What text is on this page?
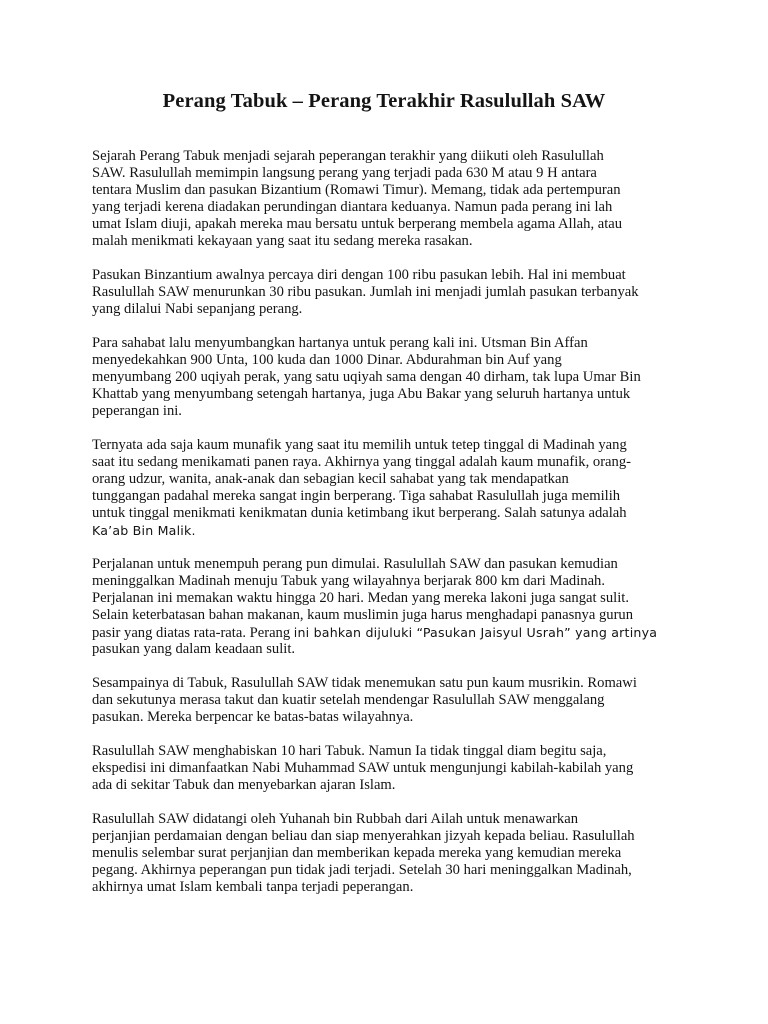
Perang Tabuk – Perang Terakhir Rasulullah SAW
Sejarah Perang Tabuk menjadi sejarah peperangan terakhir yang diikuti oleh Rasulullah
SAW. Rasulullah memimpin langsung perang yang terjadi pada 630 M atau 9 H antara
tentara Muslim dan pasukan Bizantium (Romawi Timur). Memang, tidak ada pertempuran
yang terjadi kerena diadakan perundingan diantara keduanya. Namun pada perang ini lah
umat Islam diuji, apakah mereka mau bersatu untuk berperang membela agama Allah, atau
malah menikmati kekayaan yang saat itu sedang mereka rasakan.
Pasukan Binzantium awalnya percaya diri dengan 100 ribu pasukan lebih. Hal ini membuat
Rasulullah SAW menurunkan 30 ribu pasukan. Jumlah ini menjadi jumlah pasukan terbanyak
yang dilalui Nabi sepanjang perang.
Para sahabat lalu menyumbangkan hartanya untuk perang kali ini. Utsman Bin Affan
menyedekahkan 900 Unta, 100 kuda dan 1000 Dinar. Abdurahman bin Auf yang
menyumbang 200 uqiyah perak, yang satu uqiyah sama dengan 40 dirham, tak lupa Umar Bin
Khattab yang menyumbang setengah hartanya, juga Abu Bakar yang seluruh hartanya untuk
peperangan ini.
Ternyata ada saja kaum munafik yang saat itu memilih untuk tetep tinggal di Madinah yang
saat itu sedang menikamati panen raya. Akhirnya yang tinggal adalah kaum munafik, orang-
orang udzur, wanita, anak-anak dan sebagian kecil sahabat yang tak mendapatkan
tunggangan padahal mereka sangat ingin berperang. Tiga sahabat Rasulullah juga memilih
untuk tinggal menikmati kenikmatan dunia ketimbang ikut berperang. Salah satunya adalah
Ka’ab Bin Malik.
Perjalanan untuk menempuh perang pun dimulai. Rasulullah SAW dan pasukan kemudian
meninggalkan Madinah menuju Tabuk yang wilayahnya berjarak 800 km dari Madinah.
Perjalanan ini memakan waktu hingga 20 hari. Medan yang mereka lakoni juga sangat sulit.
Selain keterbatasan bahan makanan, kaum muslimin juga harus menghadapi panasnya gurun
pasir yang diatas rata-rata. Perang ini bahkan dijuluki “Pasukan Jaisyul Usrah” yang artinya
pasukan yang dalam keadaan sulit.
Sesampainya di Tabuk, Rasulullah SAW tidak menemukan satu pun kaum musrikin. Romawi
dan sekutunya merasa takut dan kuatir setelah mendengar Rasulullah SAW menggalang
pasukan. Mereka berpencar ke batas-batas wilayahnya.
Rasulullah SAW menghabiskan 10 hari Tabuk. Namun Ia tidak tinggal diam begitu saja,
ekspedisi ini dimanfaatkan Nabi Muhammad SAW untuk mengunjungi kabilah-kabilah yang
ada di sekitar Tabuk dan menyebarkan ajaran Islam.
Rasulullah SAW didatangi oleh Yuhanah bin Rubbah dari Ailah untuk menawarkan
perjanjian perdamaian dengan beliau dan siap menyerahkan jizyah kepada beliau. Rasulullah
menulis selembar surat perjanjian dan memberikan kepada mereka yang kemudian mereka
pegang. Akhirnya peperangan pun tidak jadi terjadi. Setelah 30 hari meninggalkan Madinah,
akhirnya umat Islam kembali tanpa terjadi peperangan.
